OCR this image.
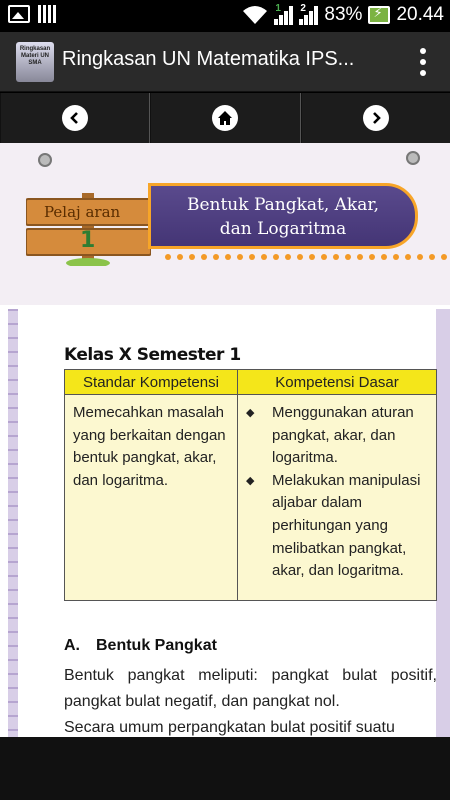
1 2 83% ⚡ 20.44
Ringkasan Materi UN SMA	Ringkasan UN Matematika IPS...
Pelaj aran
1
Bentuk Pangkat, Akar,
dan Logaritma
Kelas X Semester 1
Standar Kompetensi	Kompetensi Dasar
Memecahkan masalah yang berkaitan dengan bentuk pangkat, akar, dan logaritma.	◆ Menggunakan aturan pangkat, akar, dan logaritma.
◆ Melakukan manipulasi aljabar dalam perhitungan yang melibatkan pangkat, akar, dan logaritma.
A. Bentuk Pangkat
Bentuk pangkat meliputi: pangkat bulat positif, pangkat bulat negatif, dan pangkat nol.
Secara umum perpangkatan bulat positif suatu
